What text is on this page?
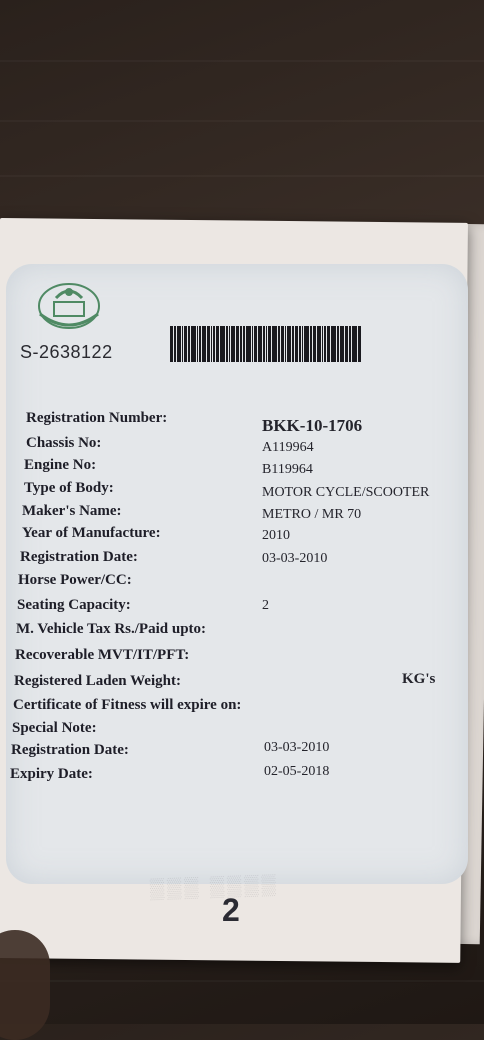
S-2638122
Registration Number:	BKK-10-1706
Chassis No:	A119964
Engine No:	B119964
Type of Body:	MOTOR CYCLE/SCOOTER
Maker's Name:	METRO / MR 70
Year of Manufacture:	2010
Registration Date:	03-03-2010
Horse Power/CC:
Seating Capacity:	2
M. Vehicle Tax Rs./Paid upto:
Recoverable MVT/IT/PFT:
Registered Laden Weight:	KG's
Certificate of Fitness will expire on:
Special Note:
Registration Date:	03-03-2010
Expiry Date:	02-05-2018
▒▒▒ ▒▒▒▒
2
